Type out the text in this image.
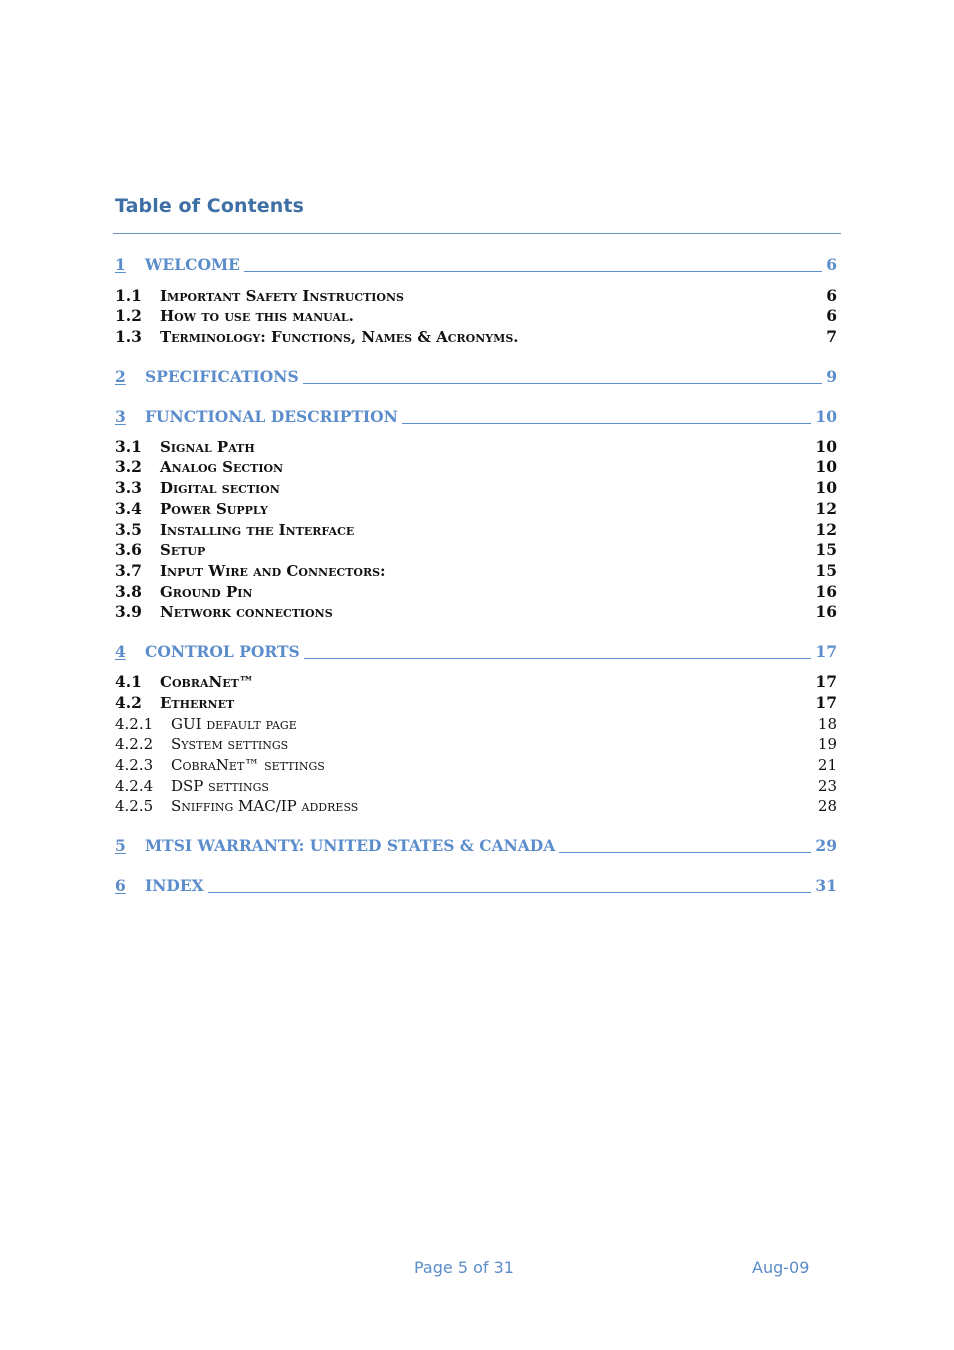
Table of Contents
1 WELCOME	6
1.1 Important Safety Instructions	6
1.2 How to use this manual.	6
1.3 Terminology: Functions, Names & Acronyms.	7
2 SPECIFICATIONS	9
3 FUNCTIONAL DESCRIPTION	10
3.1 Signal Path	10
3.2 Analog Section	10
3.3 Digital section	10
3.4 Power Supply	12
3.5 Installing the Interface	12
3.6 Setup	15
3.7 Input Wire and Connectors:	15
3.8 Ground Pin	16
3.9 Network connections	16
4 CONTROL PORTS	17
4.1 CobraNet™	17
4.2 Ethernet	17
4.2.1 GUI default page	18
4.2.2 System settings	19
4.2.3 CobraNet™ settings	21
4.2.4 DSP settings	23
4.2.5 Sniffing MAC/IP address	28
5 MTSI WARRANTY: UNITED STATES & CANADA	29
6 INDEX	31
Page 5 of 31	Aug-09
